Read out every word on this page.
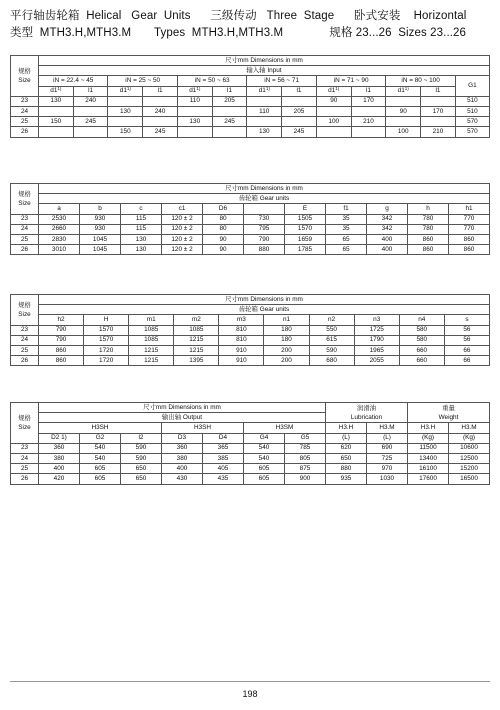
平行轴齿轮箱  Helical   Gear  Units      三级传动   Three  Stage      卧式安装    Horizontal
类型  MTH3.H,MTH3.M       Types  MTH3.H,MTH3.M              规格 23...26  Sizes 23...26
规格
Size	尺寸mm Dimensions in mm												
	输入轴 Input												
	iN = 22.4 ~ 45		iN = 25 ~ 50		iN = 50 ~ 63		iN = 56 ~ 71		iN = 71 ~ 90		iN = 80 ~ 100		G1
	d1$^{1)}$	l1	d1$^{1)}$	l1	d1$^{1)}$	l1	d1$^{1)}$	l1	d1$^{1)}$	l1	d1$^{1)}$	l1	
23	130	240			110	205			90	170			510
24			130	240			110	205			90	170	510
25	150	245			130	245			100	210			570
26			150	245			130	245			100	210	570
规格
Size	尺寸mm Dimensions in mm										
	齿轮箱 Gear units										
	a	b	c	c1	D6		E	f1	g	h	h1
23	2530	930	115	120 ± 2	80	730	1505	35	342	780	770
24	2660	930	115	120 ± 2	80	795	1570	35	342	780	770
25	2830	1045	130	120 ± 2	90	790	1659	65	400	860	860
26	3010	1045	130	120 ± 2	90	880	1785	65	400	860	860
规格
Size	尺寸mm Dimensions in mm									
	齿轮箱 Gear units									
	h2	H	m1	m2	m3	n1	n2	n3	n4	s
23	790	1570	1085	1085	810	180	550	1725	580	56
24	790	1570	1085	1215	810	180	615	1790	580	56
25	860	1720	1215	1215	910	200	590	1965	660	66
26	860	1720	1215	1395	910	200	680	2055	660	66
规格
Size	尺寸mm Dimensions in mm							润滑油
Lubrication		重量
Weight	
	输出轴 Output										
	H3SH			H3SH		H3SM		H3.H	H3.M	H3.H	H3.M
	D2 1)	G2	l2	D3	D4	G4	G5	(L)	(L)	(Kg)	(Kg)
23	360	540	590	360	365	540	785	620	690	11500	10600
24	380	540	590	380	385	540	805	650	725	13400	12500
25	400	605	650	400	405	605	875	880	970	16100	15200
26	420	605	650	430	435	605	900	935	1030	17600	16500
198
